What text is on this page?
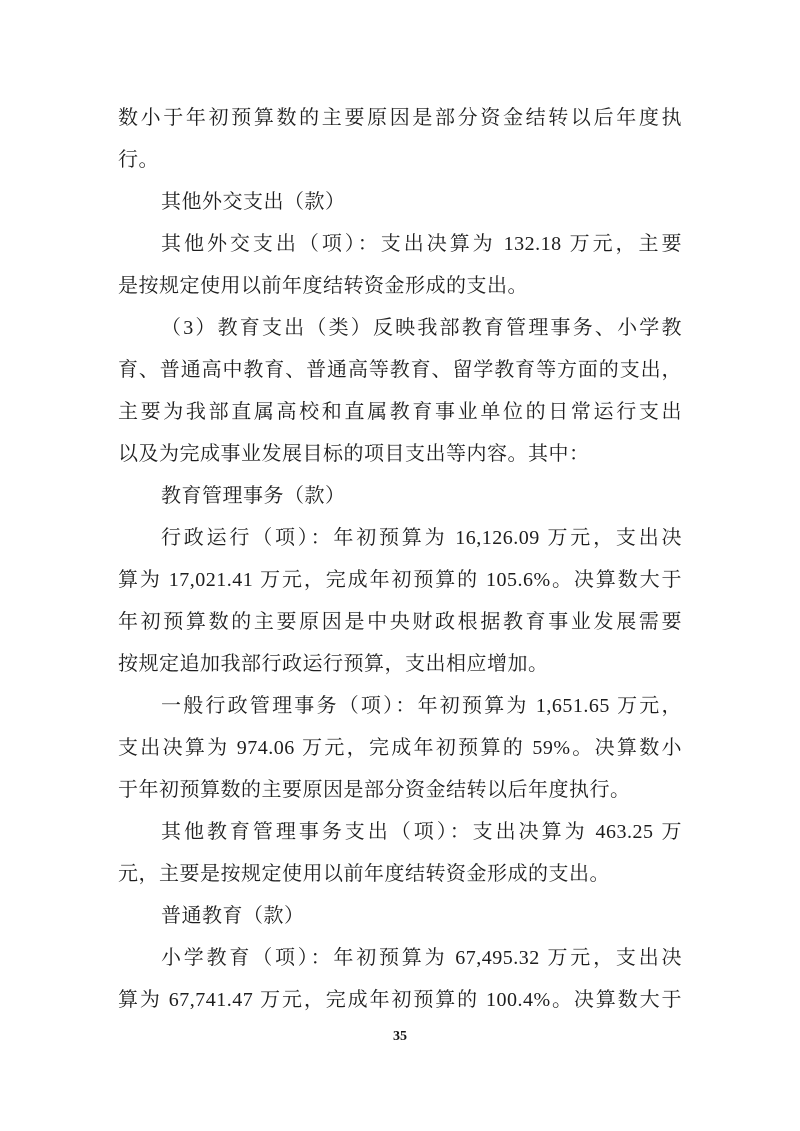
数小于年初预算数的主要原因是部分资金结转以后年度执
行。
其他外交支出（款）
其他外交支出（项）：支出决算为 132.18 万元，主要
是按规定使用以前年度结转资金形成的支出。
（3）教育支出（类）反映我部教育管理事务、小学教
育、普通高中教育、普通高等教育、留学教育等方面的支出，
主要为我部直属高校和直属教育事业单位的日常运行支出
以及为完成事业发展目标的项目支出等内容。其中：
教育管理事务（款）
行政运行（项）：年初预算为 16,126.09 万元，支出决
算为 17,021.41 万元，完成年初预算的 105.6%。决算数大于
年初预算数的主要原因是中央财政根据教育事业发展需要
按规定追加我部行政运行预算，支出相应增加。
一般行政管理事务（项）：年初预算为 1,651.65 万元，
支出决算为 974.06 万元，完成年初预算的 59%。决算数小
于年初预算数的主要原因是部分资金结转以后年度执行。
其他教育管理事务支出（项）：支出决算为 463.25 万
元，主要是按规定使用以前年度结转资金形成的支出。
普通教育（款）
小学教育（项）：年初预算为 67,495.32 万元，支出决
算为 67,741.47 万元，完成年初预算的 100.4%。决算数大于
35
